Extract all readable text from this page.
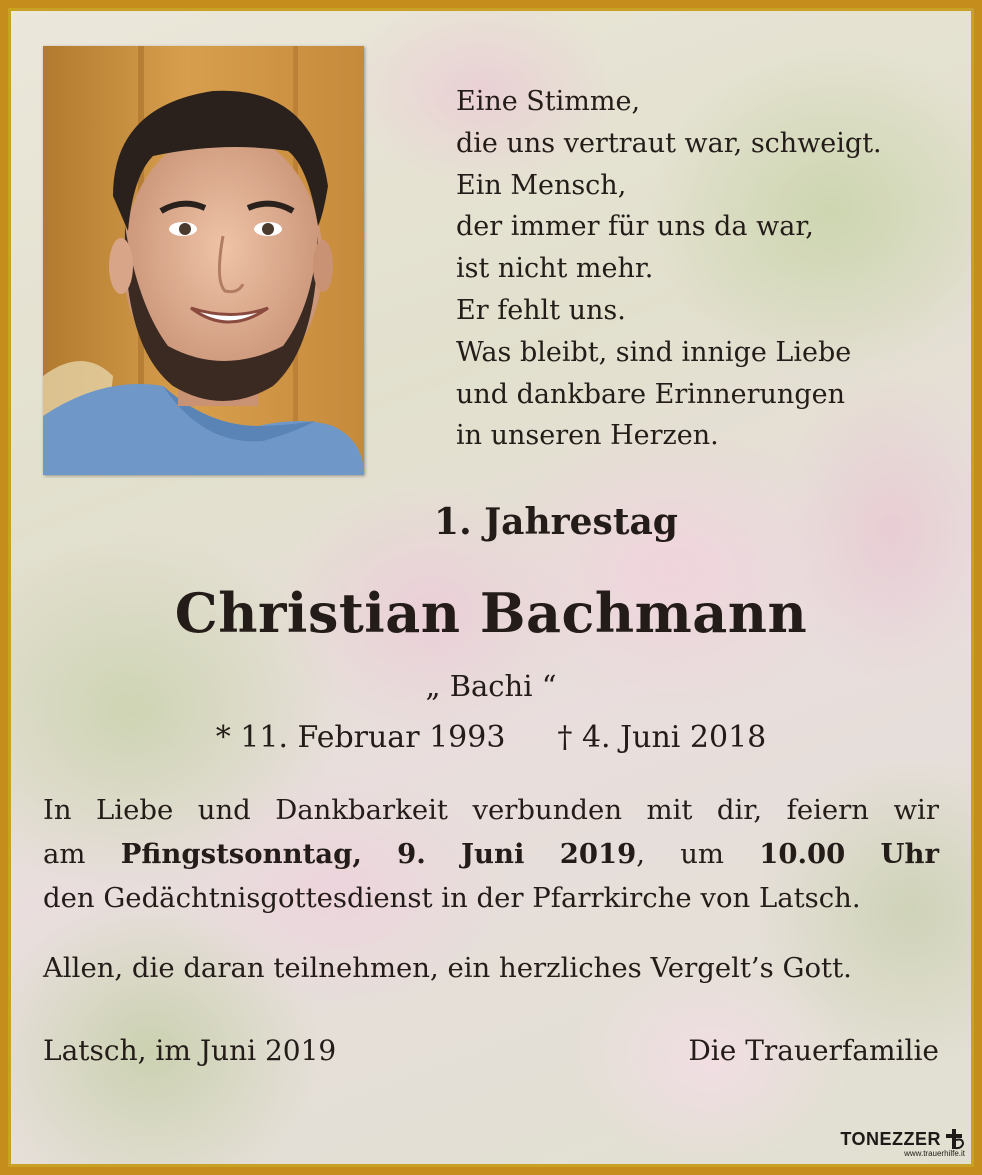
Eine Stimme,
die uns vertraut war, schweigt.
Ein Mensch,
der immer für uns da war,
ist nicht mehr.
Er fehlt uns.
Was bleibt, sind innige Liebe
und dankbare Erinnerungen
in unseren Herzen.
1. Jahrestag
Christian Bachmann
„ Bachi “
* 11. Februar 1993 † 4. Juni 2018
In Liebe und Dankbarkeit verbunden mit dir, feiern wir
am Pfingstsonntag, 9. Juni 2019, um 10.00 Uhr
den Gedächtnisgottesdienst in der Pfarrkirche von Latsch.
Allen, die daran teilnehmen, ein herzliches Vergelt’s Gott.
Latsch, im Juni 2019	Die Trauerfamilie
TONEZZER
www.trauerhilfe.it
